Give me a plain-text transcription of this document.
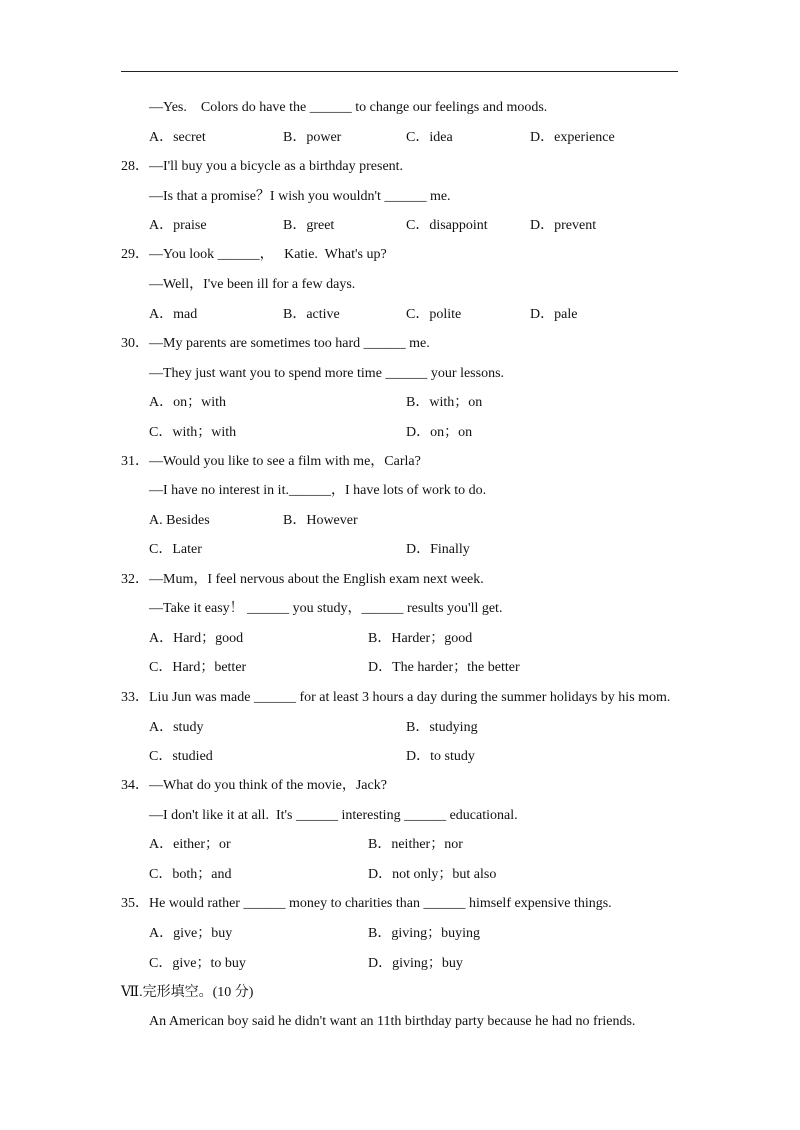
—Yes.    Colors do have the ______ to change our feelings and moods.
A．secret	B．power	C．idea	D．experience
28．—I'll buy you a bicycle as a birthday present.
—Is that a promise？I wish you wouldn't ______ me.
A．praise	B．greet	C．disappoint	D．prevent
29．—You look ______，   Katie.  What's up?
—Well，I've been ill for a few days.
A．mad	B．active	C．polite	D．pale
30．—My parents are sometimes too hard ______ me.
—They just want you to spend more time ______ your lessons.
A．on；with	B．with；on
C．with；with	D．on；on
31．—Would you like to see a film with me，Carla?
—I have no interest in it.______，I have lots of work to do.
A. Besides	B．However
C．Later	D．Finally
32．—Mum，I feel nervous about the English exam next week.
—Take it easy！ ______ you study，______ results you'll get.
A．Hard；good	B．Harder；good
C．Hard；better	D．The harder；the better
33．Liu Jun was made ______ for at least 3 hours a day during the summer holidays by his mom.
A．study	B．studying
C．studied	D．to study
34．—What do you think of the movie，Jack?
—I don't like it at all.  It's ______ interesting ______ educational.
A．either；or	B．neither；nor
C．both；and	D．not only；but also
35．He would rather ______ money to charities than ______ himself expensive things.
A．give；buy	B．giving；buying
C．give；to buy	D．giving；buy
Ⅶ.完形填空。(10 分)
An American boy said he didn't want an 11th birthday party because he had no friends.
